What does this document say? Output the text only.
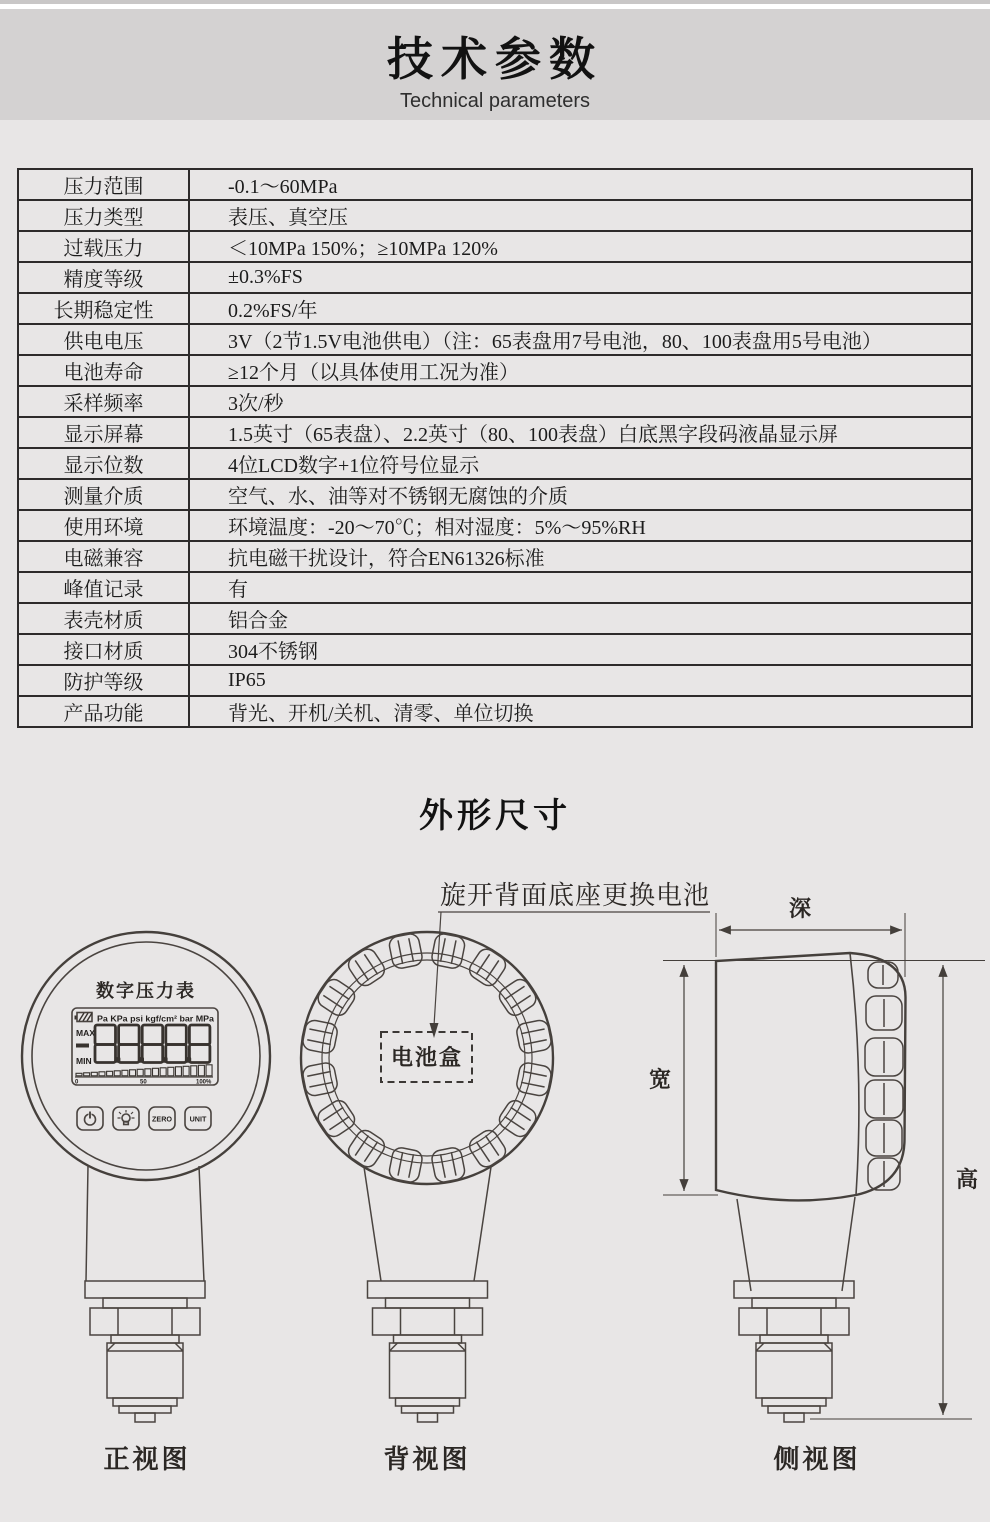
技术参数
Technical parameters
压力范围	-0.1～60MPa
压力类型	表压、真空压
过载压力	＜10MPa 150%；≥10MPa 120%
精度等级	±0.3%FS
长期稳定性	0.2%FS/年
供电电压	3V（2节1.5V电池供电）（注：65表盘用7号电池，80、100表盘用5号电池）
电池寿命	≥12个月（以具体使用工况为准）
采样频率	3次/秒
显示屏幕	1.5英寸（65表盘）、2.2英寸（80、100表盘）白底黑字段码液晶显示屏
显示位数	4位LCD数字+1位符号位显示
测量介质	空气、水、油等对不锈钢无腐蚀的介质
使用环境	环境温度：-20～70℃；相对湿度：5%～95%RH
电磁兼容	抗电磁干扰设计，符合EN61326标准
峰值记录	有
表壳材质	铝合金
接口材质	304不锈钢
防护等级	IP65
产品功能	背光、开机/关机、清零、单位切换
外形尺寸
旋开背面底座更换电池
数字压力表
Pa KPa psi kgf/cm² bar MPa
MAX
MIN
0	50	100%
ZERO UNIT
正视图
电池盒
背视图	侧视图
深
宽
高
